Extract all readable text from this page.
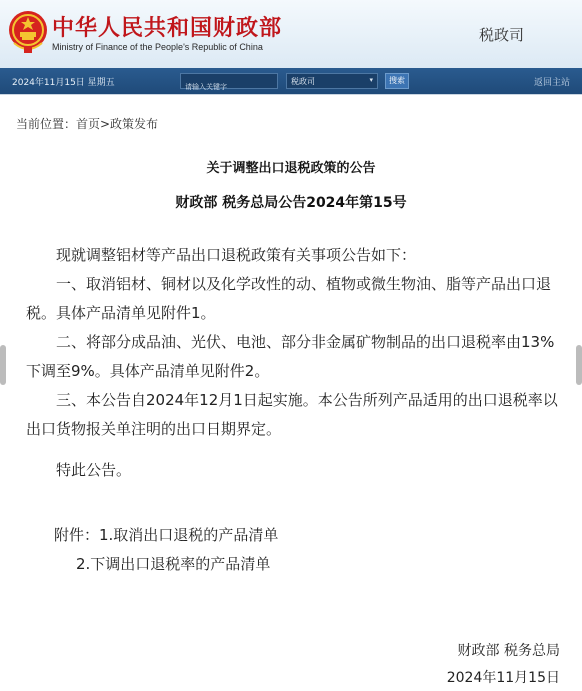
中华人民共和国财政部
Ministry of Finance of the People's Republic of China
税政司
2024年11月15日 星期五
请输入关键字	税政司	▾	搜索	返回主站
当前位置：首页>政策发布
关于调整出口退税政策的公告
财政部 税务总局公告2024年第15号

现就调整铝材等产品出口退税政策有关事项公告如下：

一、取消铝材、铜材以及化学改性的动、植物或微生物油、脂等产品出口退税。具体产品清单见附件1。

二、将部分成品油、光伏、电池、部分非金属矿物制品的出口退税率由13%下调至9%。具体产品清单见附件2。

三、本公告自2024年12月1日起实施。本公告所列产品适用的出口退税率以出口货物报关单注明的出口日期界定。

特此公告。

附件：1.取消出口退税的产品清单
2.下调出口退税率的产品清单
财政部 税务总局
2024年11月15日
